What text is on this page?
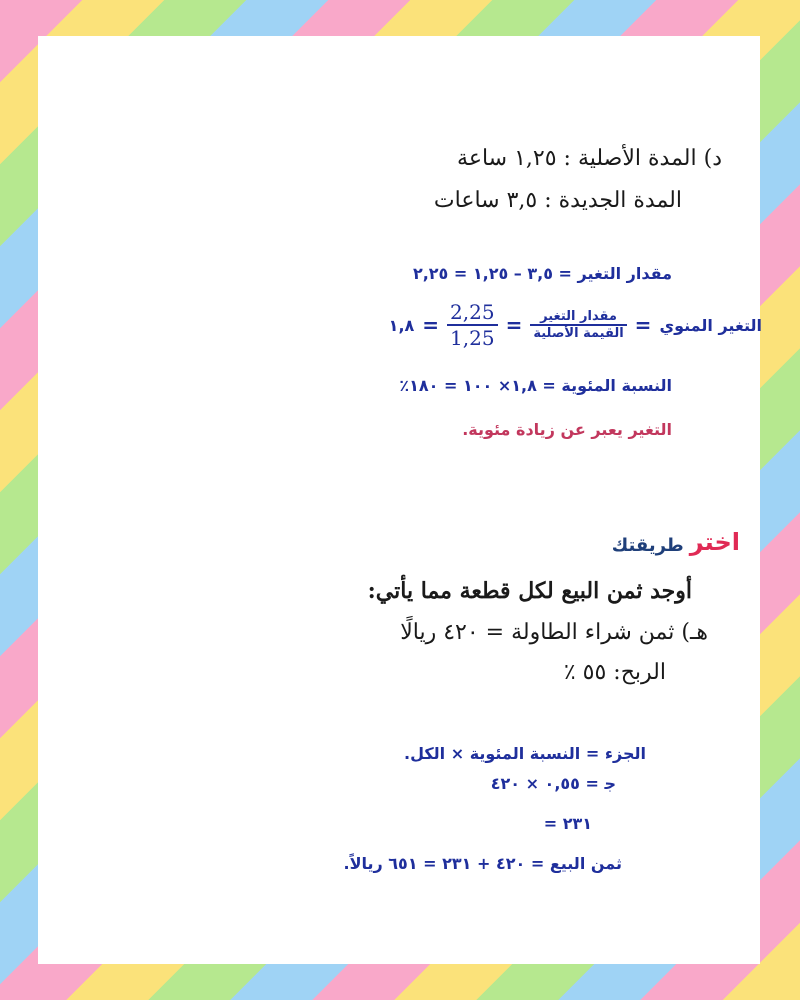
د) المدة الأصلية : ١,٢٥ ساعة
المدة الجديدة : ٣,٥ ساعات
مقدار التغير = ٣,٥ – ١,٢٥ = ٢,٢٥
التغير المنوي
=
$\frac{\text{مقدار التغير}}{\text{القيمة الأصلية}}$
=
$\frac{2,25}{1,25}$
=
١,٨
النسبة المئوية = ١,٨× ١٠٠ = ١٨٠٪
التغير يعبر عن زيادة مئوية.
اختر
طريقتك
أوجد ثمن البيع لكل قطعة مما يأتي:
هـ) ثمن شراء الطاولة = ٤٢٠ ريالًا
الربح: ٥٥ ٪
الجزء = النسبة المئوية × الكل.
ﺟ = ٠,٥٥ × ٤٢٠
= ٢٣١
ثمن البيع = ٤٢٠ + ٢٣١ = ٦٥١ ريالاً.
